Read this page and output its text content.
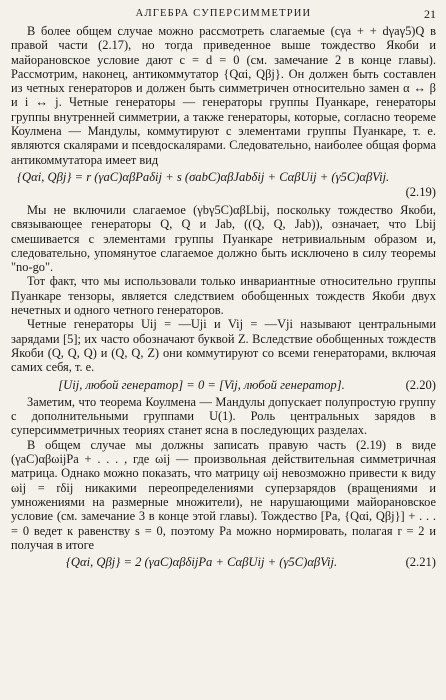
АЛГЕБРА СУПЕРСИММЕТРИИ	21

В более общем случае можно рассмотреть слагаемые (cγa + + dγaγ5)Q в правой части (2.17), но тогда приведенное выше тождество Якоби и майорановское условие дают c = d = 0 (см. замечание 2 в конце главы). Рассмотрим, наконец, антикоммутатор {Qαi, Qβj}. Он должен быть составлен из четных генераторов и должен быть симметричен относительно замен α ↔ β и i ↔ j. Четные генераторы — генераторы группы Пуанкаре, генераторы группы внутренней симметрии, а также генераторы, которые, согласно теореме Коулмена — Мандулы, коммутируют с элементами группы Пуанкаре, т. е. являются скалярами и псевдоскалярами. Следовательно, наиболее общая форма антикоммутатора имеет вид

{Qαi, Qβj} = r (γaC)αβPaδij + s (σabC)αβJabδij + CαβUij + (γ5C)αβVij.
(2.19)

Мы не включили слагаемое (γbγ5C)αβLbij, поскольку тождество Якоби, связывающее генераторы Q, Q и Jab, ((Q, Q, Jab)), означает, что Lbij смешивается с элементами группы Пуанкаре нетривиальным образом и, следовательно, упомянутое слагаемое должно быть исключено в силу теоремы "no-go".

Тот факт, что мы использовали только инвариантные относительно группы Пуанкаре тензоры, является следствием обобщенных тождеств Якоби двух нечетных и одного четного генераторов.

Четные генераторы Uij = —Uji и Vij = —Vji называют центральными зарядами [5]; их часто обозначают буквой Z. Вследствие обобщенных тождеств Якоби (Q, Q, Q) и (Q, Q, Z) они коммутируют со всеми генераторами, включая самих себя, т. е.

[Uij, любой генератор] = 0 = [Vij, любой генератор].	(2.20)

Заметим, что теорема Коулмена — Мандулы допускает полупростую группу с дополнительными группами U(1). Роль центральных зарядов в суперсимметричных теориях станет ясна в последующих разделах.

В общем случае мы должны записать правую часть (2.19) в виде (γaC)αβωijPa + . . . , где ωij — произвольная действительная симметричная матрица. Однако можно показать, что матрицу ωij невозможно привести к виду ωij = rδij никакими переопределениями суперзарядов (вращениями и умножениями на размерные множители), не нарушающими майорановское условие (см. замечание 3 в конце этой главы). Тождество [Pa, {Qαi, Qβj}] + . . . = 0 ведет к равенству s = 0, поэтому Pa можно нормировать, полагая r = 2 и получая в итоге

{Qαi, Qβj} = 2 (γaC)αβδijPa + CαβUij + (γ5C)αβVij.	(2.21)
